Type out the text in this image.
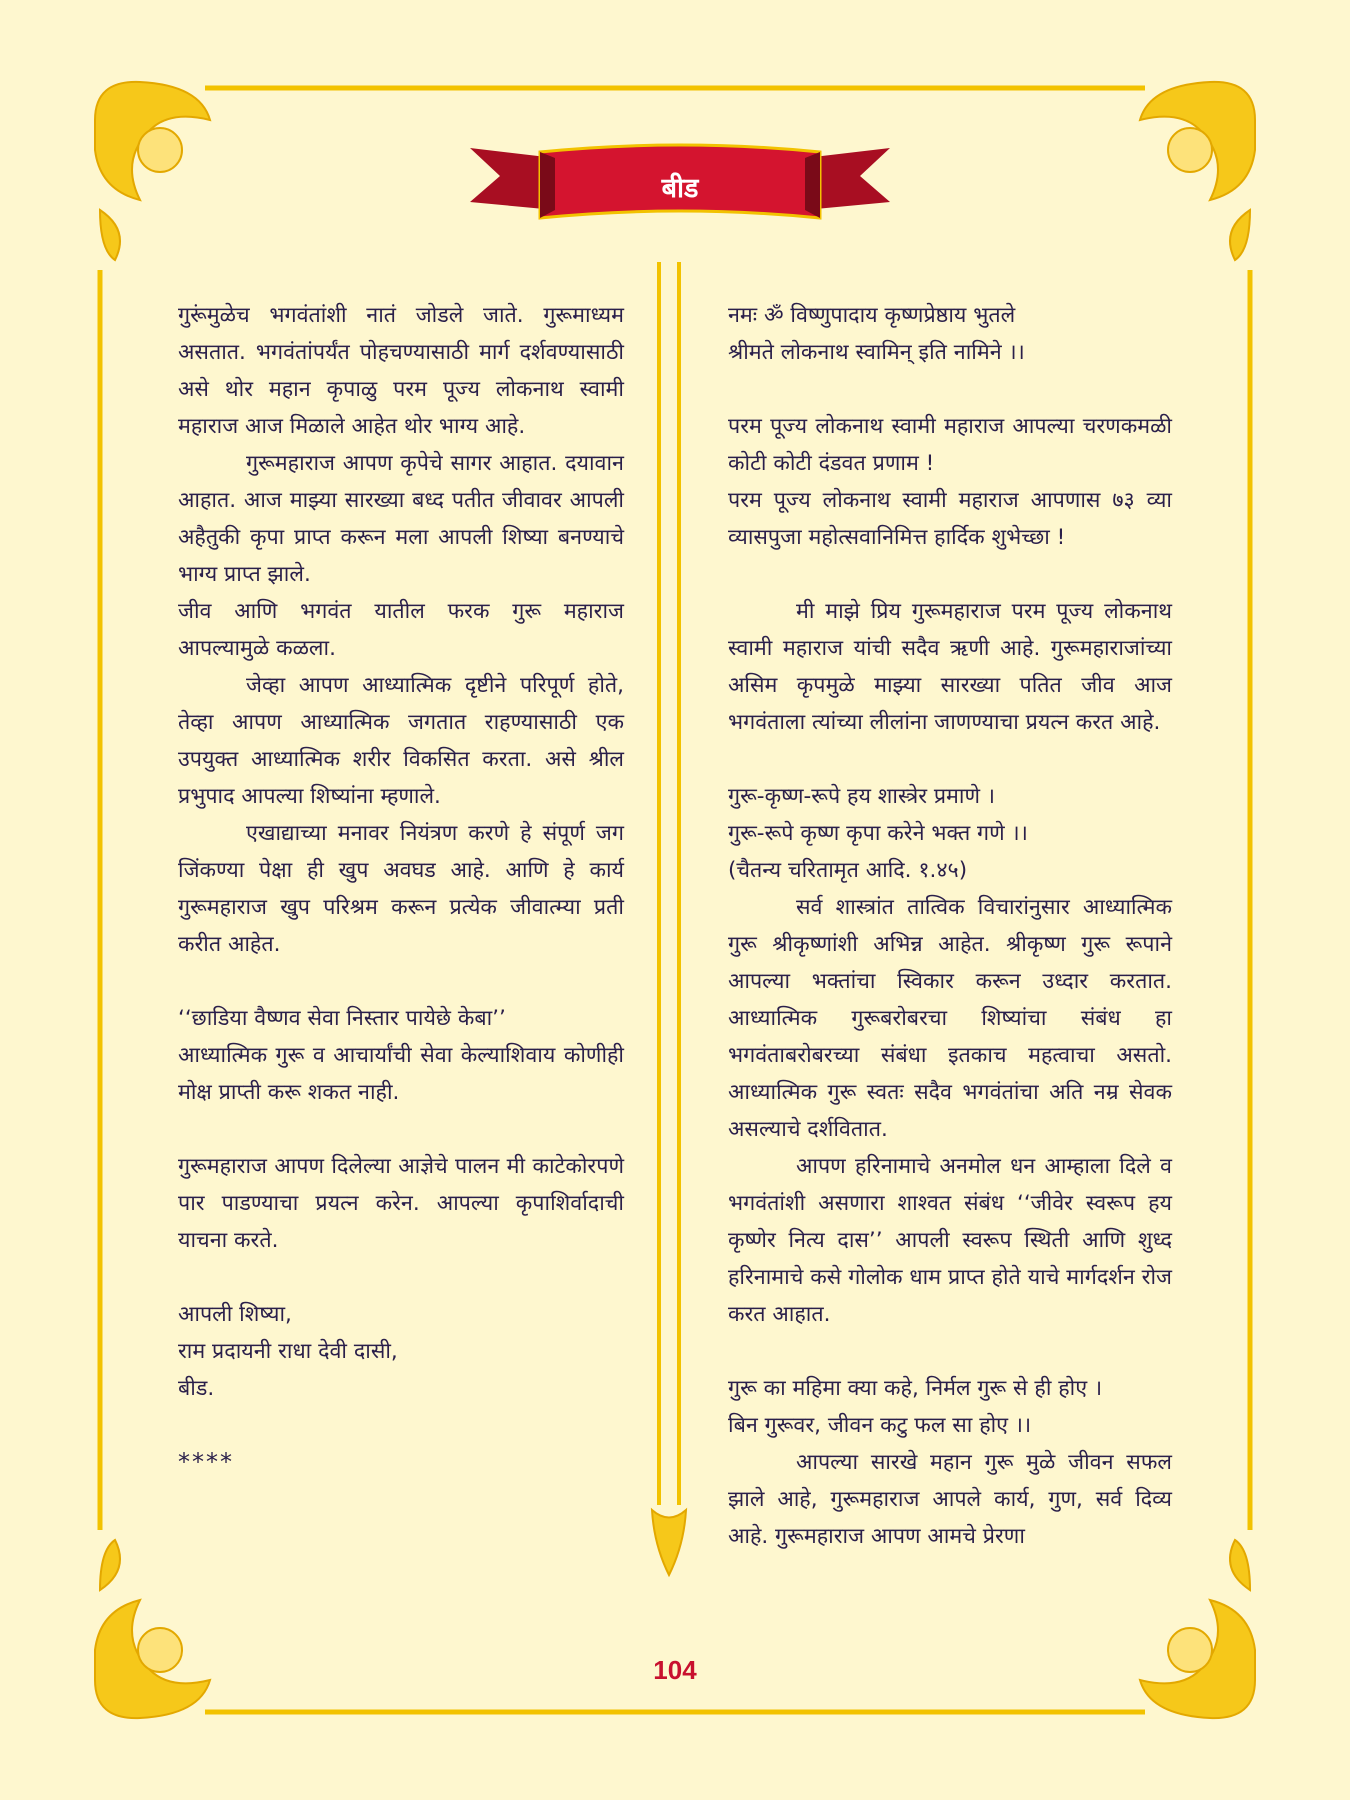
बीड

गुरूंमुळेच भगवंतांशी नातं जोडले जाते. गुरूमाध्यम असतात. भगवंतांपर्यंत पोहचण्यासाठी मार्ग दर्शवण्यासाठी असे थोर महान कृपाळु परम पूज्य लोकनाथ स्वामी महाराज आज मिळाले आहेत थोर भाग्य आहे.

गुरूमहाराज आपण कृपेचे सागर आहात. दयावान आहात. आज माझ्या सारख्या बध्द पतीत जीवावर आपली अहैतुकी कृपा प्राप्त करून मला आपली शिष्या बनण्याचे भाग्य प्राप्त झाले.

जीव आणि भगवंत यातील फरक गुरू महाराज आपल्यामुळे कळला.

जेव्हा आपण आध्यात्मिक दृष्टीने परिपूर्ण होते, तेव्हा आपण आध्यात्मिक जगतात राहण्यासाठी एक उपयुक्त आध्यात्मिक शरीर विकसित करता. असे श्रील प्रभुपाद आपल्या शिष्यांना म्हणाले.

एखाद्याच्या मनावर नियंत्रण करणे हे संपूर्ण जग जिंकण्या पेक्षा ही खुप अवघड आहे. आणि हे कार्य गुरूमहाराज खुप परिश्रम करून प्रत्येक जीवात्म्या प्रती करीत आहेत.

‘‘छाडिया वैष्णव सेवा निस्तार पायेछे केबा’’

आध्यात्मिक गुरू व आचार्यांची सेवा केल्याशिवाय कोणीही मोक्ष प्राप्ती करू शकत नाही.

गुरूमहाराज आपण दिलेल्या आज्ञेचे पालन मी काटेकोरपणे पार पाडण्याचा प्रयत्न करेन. आपल्या कृपाशिर्वादाची याचना करते.

आपली शिष्या,

राम प्रदायनी राधा देवी दासी,

बीड.

****

नमः ॐ विष्णुपादाय कृष्णप्रेष्ठाय भुतले

श्रीमते लोकनाथ स्वामिन् इति नामिने ।।

परम पूज्य लोकनाथ स्वामी महाराज आपल्या चरणकमळी कोटी कोटी दंडवत प्रणाम !

परम पूज्य लोकनाथ स्वामी महाराज आपणास ७३ व्या व्यासपुजा महोत्सवानिमित्त हार्दिक शुभेच्छा !

मी माझे प्रिय गुरूमहाराज परम पूज्य लोकनाथ स्वामी महाराज यांची सदैव ऋणी आहे. गुरूमहाराजांच्या असिम कृपमुळे माझ्या सारख्या पतित जीव आज भगवंताला त्यांच्या लीलांना जाणण्याचा प्रयत्न करत आहे.

गुरू-कृष्ण-रूपे हय शास्त्रेर प्रमाणे ।

गुरू-रूपे कृष्ण कृपा करेने भक्त गणे ।।

(चैतन्य चरितामृत आदि. १.४५)

सर्व शास्त्रांत तात्विक विचारांनुसार आध्यात्मिक गुरू श्रीकृष्णांशी अभिन्न आहेत. श्रीकृष्ण गुरू रूपाने आपल्या भक्तांचा स्विकार करून उध्दार करतात. आध्यात्मिक गुरूबरोबरचा शिष्यांचा संबंध हा भगवंताबरोबरच्या संबंधा इतकाच महत्वाचा असतो. आध्यात्मिक गुरू स्वतः सदैव भगवंतांचा अति नम्र सेवक असल्याचे दर्शवितात.

आपण हरिनामाचे अनमोल धन आम्हाला दिले व भगवंतांशी असणारा शाश्वत संबंध ‘‘जीवेर स्वरूप हय कृष्णेर नित्य दास’’ आपली स्वरूप स्थिती आणि शुध्द हरिनामाचे कसे गोलोक धाम प्राप्त होते याचे मार्गदर्शन रोज करत आहात.

गुरू का महिमा क्या कहे, निर्मल गुरू से ही होए ।

बिन गुरूवर, जीवन कटु फल सा होए ।।

आपल्या सारखे महान गुरू मुळे जीवन सफल झाले आहे, गुरूमहाराज आपले कार्य, गुण, सर्व दिव्य आहे. गुरूमहाराज आपण आमचे प्रेरणा

104
